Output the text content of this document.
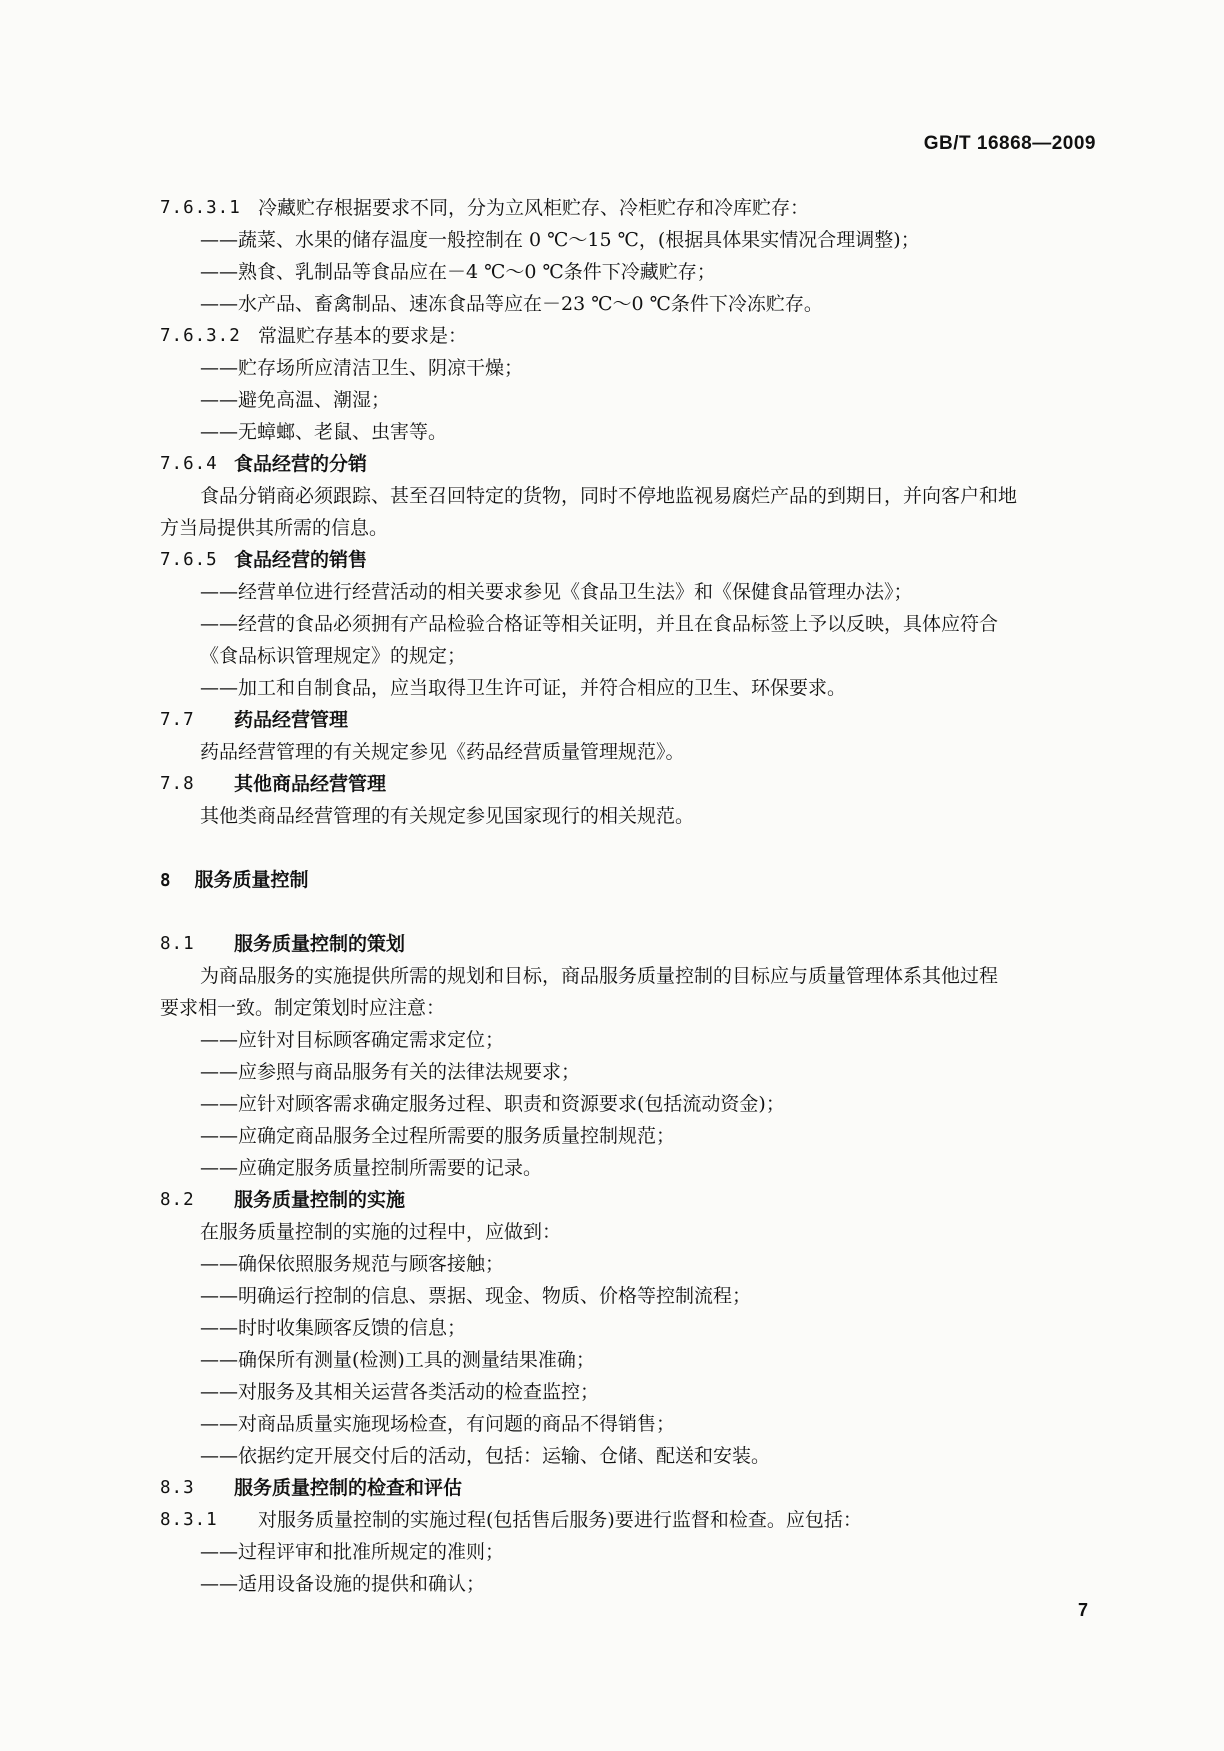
GB/T 16868—2009
7.6.3.1 冷藏贮存根据要求不同，分为立风柜贮存、冷柜贮存和冷库贮存：
——蔬菜、水果的储存温度一般控制在 0 ℃～15 ℃，(根据具体果实情况合理调整)；
——熟食、乳制品等食品应在－4 ℃～0 ℃条件下冷藏贮存；
——水产品、畜禽制品、速冻食品等应在－23 ℃～0 ℃条件下冷冻贮存。
7.6.3.2 常温贮存基本的要求是：
——贮存场所应清洁卫生、阴凉干燥；
——避免高温、潮湿；
——无蟑螂、老鼠、虫害等。
7.6.4 食品经营的分销
食品分销商必须跟踪、甚至召回特定的货物，同时不停地监视易腐烂产品的到期日，并向客户和地
方当局提供其所需的信息。
7.6.5 食品经营的销售
——经营单位进行经营活动的相关要求参见《食品卫生法》和《保健食品管理办法》；
——经营的食品必须拥有产品检验合格证等相关证明，并且在食品标签上予以反映，具体应符合
《食品标识管理规定》的规定；
——加工和自制食品，应当取得卫生许可证，并符合相应的卫生、环保要求。
7.7 药品经营管理
药品经营管理的有关规定参见《药品经营质量管理规范》。
7.8 其他商品经营管理
其他类商品经营管理的有关规定参见国家现行的相关规范。
8 服务质量控制
8.1 服务质量控制的策划
为商品服务的实施提供所需的规划和目标，商品服务质量控制的目标应与质量管理体系其他过程
要求相一致。制定策划时应注意：
——应针对目标顾客确定需求定位；
——应参照与商品服务有关的法律法规要求；
——应针对顾客需求确定服务过程、职责和资源要求(包括流动资金)；
——应确定商品服务全过程所需要的服务质量控制规范；
——应确定服务质量控制所需要的记录。
8.2 服务质量控制的实施
在服务质量控制的实施的过程中，应做到：
——确保依照服务规范与顾客接触；
——明确运行控制的信息、票据、现金、物质、价格等控制流程；
——时时收集顾客反馈的信息；
——确保所有测量(检测)工具的测量结果准确；
——对服务及其相关运营各类活动的检查监控；
——对商品质量实施现场检查，有问题的商品不得销售；
——依据约定开展交付后的活动，包括：运输、仓储、配送和安装。
8.3 服务质量控制的检查和评估
8.3.1 对服务质量控制的实施过程(包括售后服务)要进行监督和检查。应包括：
——过程评审和批准所规定的准则；
——适用设备设施的提供和确认；
7
